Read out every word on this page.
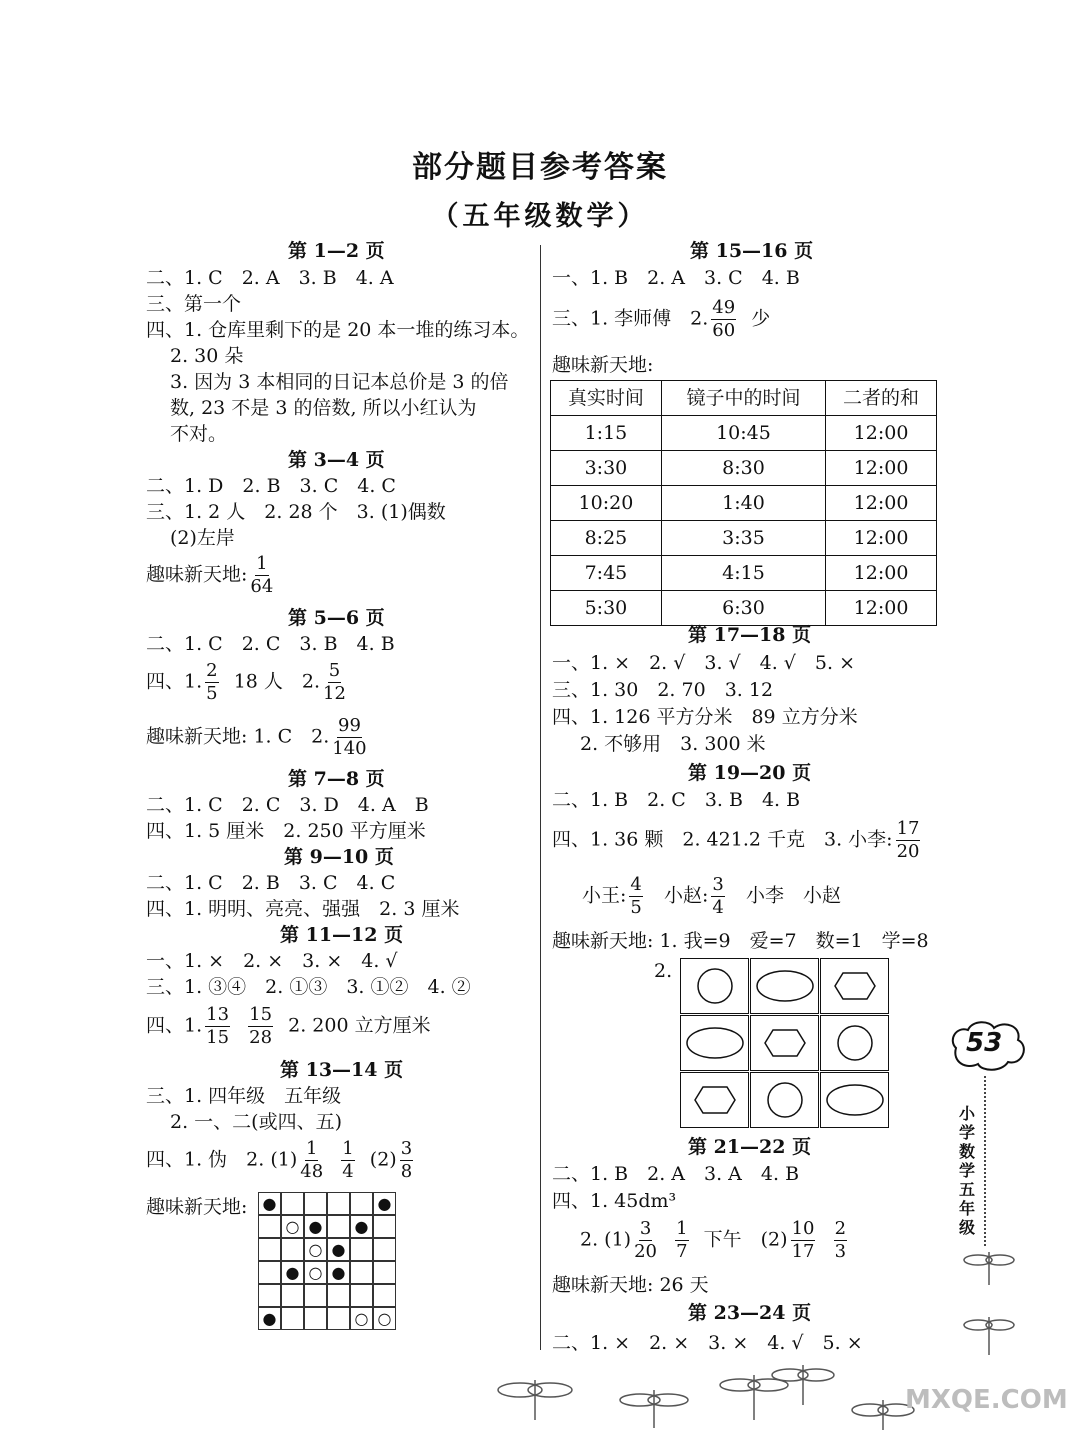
部分题目参考答案
（五年级数学）
第 1—2 页
二、1. C　2. A　3. B　4. A
三、第一个
四、1. 仓库里剩下的是 20 本一堆的练习本。
2. 30 朵
3. 因为 3 本相同的日记本总价是 3 的倍
数, 23 不是 3 的倍数, 所以小红认为
不对。
第 3—4 页
二、1. D　2. B　3. C　4. C
三、1. 2 人　2. 28 个　3. (1)偶数
(2)左岸
趣味新天地: $\frac{1}{64}$
第 5—6 页
二、1. C　2. C　3. B　4. B
四、1. $\frac{2}{5} 18$ 人　2. $\frac{5}{12}$
趣味新天地: 1. C　2. $\frac{99}{140}$
第 7—8 页
二、1. C　2. C　3. D　4. A　B
四、1. 5 厘米　2. 250 平方厘米
第 9—10 页
二、1. C　2. B　3. C　4. C
四、1. 明明、亮亮、强强　2. 3 厘米
第 11—12 页
一、1. ×　2. ×　3. ×　4. √
三、1. ③④　2. ①③　3. ①②　4. ②
四、1. $\frac{13}{15}$
$\frac{15}{28} 2$. 200 立方厘米
第 13—14 页
三、1. 四年级　五年级
2. 一、二(或四、五)
四、1. 伪　2. $(1) \frac{1}{48}$
$\frac{1}{4} (2) \frac{3}{8}$
趣味新天地: ●	●
○ ● ●
○ ●
● ○ ●
●	○ ○
第 15—16 页
一、1. B　2. A　3. C　4. B
三、1. 李师傅　2. $\frac{49}{60}$ 少
趣味新天地:
真实时间	镜子中的时间	二者的和
1:15	10:45	12:00
3:30	8:30	12:00
10:20	1:40	12:00
8:25	3:35	12:00
7:45	4:15	12:00
5:30	6:30	12:00
第 17—18 页
一、1. ×　2. √　3. √　4. √　5. ×
三、1. 30　2. 70　3. 12
四、1. 126 平方分米　89 立方分米
2. 不够用　3. 300 米
第 19—20 页
二、1. B　2. C　3. B　4. B
四、1. 36 颗　2. 421.2 千克　3. 小李: $\frac{17}{20}$
小王: $\frac{4}{5}$ 小赵: $\frac{3}{4}$ 小李　小赵
趣味新天地: 1. 我=9　爱=7　数=1　学=8
2.
第 21—22 页
二、1. B　2. A　3. A　4. B
四、1. 45dm³
2. $(1) \frac{3}{20}$
$\frac{1}{7}$ 下午　$(2) \frac{10}{17}$
$\frac{2}{3}$
趣味新天地: 26 天
第 23—24 页
二、1. ×　2. ×　3. ×　4. √　5. ×
53
小学数学五年级
MXQE.COM
